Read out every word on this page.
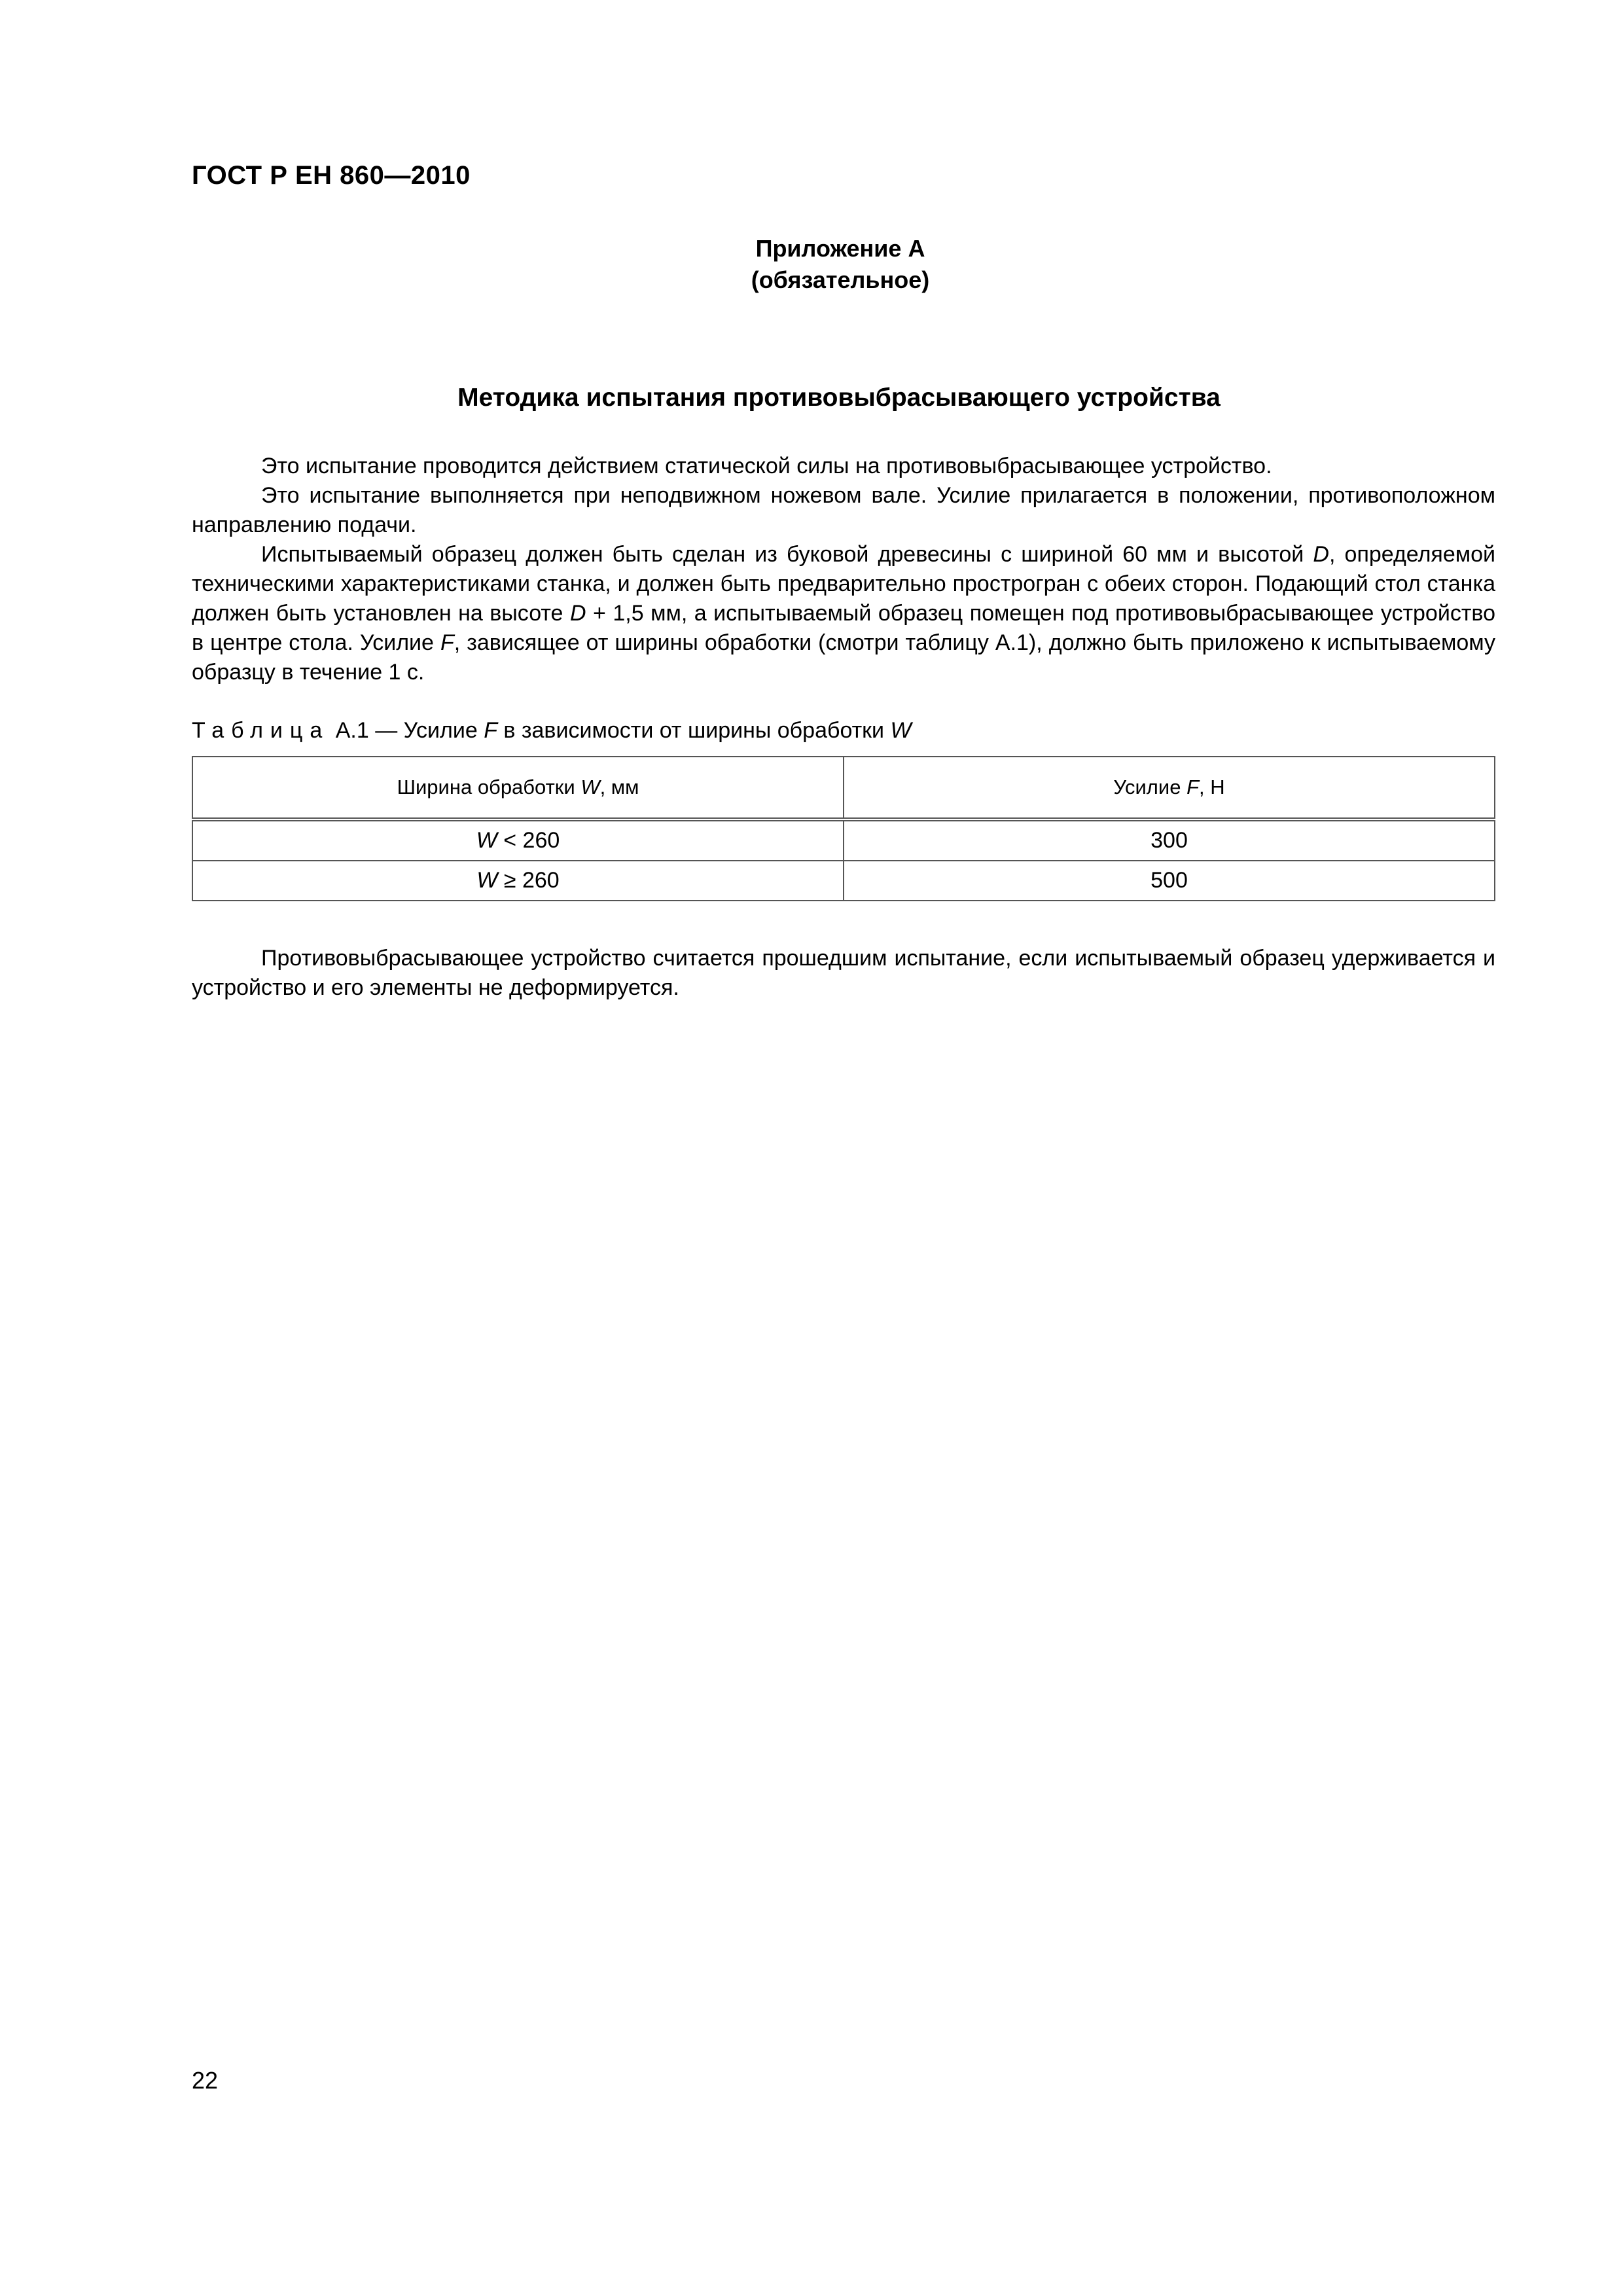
ГОСТ Р ЕН 860—2010
Приложение А
(обязательное)
Методика испытания противовыбрасывающего устройства

Это испытание проводится действием статической силы на противовыбрасывающее устройство.

Это испытание выполняется при неподвижном ножевом вале. Усилие прилагается в положении, противоположном направлению подачи.

Испытываемый образец должен быть сделан из буковой древесины с шириной 60 мм и высотой D, определяемой техническими характеристиками станка, и должен быть предварительно прострогран с обеих сторон. Подающий стол станка должен быть установлен на высоте D + 1,5 мм, а испытываемый образец помещен под противовыбрасывающее устройство в центре стола. Усилие F, зависящее от ширины обработки (смотри таблицу А.1), должно быть приложено к испытываемому образцу в течение 1 с.

Таблица А.1 — Усилие F в зависимости от ширины обработки W
Ширина обработки W, мм	Усилие F, Н
W < 260	300
W ≥ 260	500

Противовыбрасывающее устройство считается прошедшим испытание, если испытываемый образец удерживается и устройство и его элементы не деформируется.

22
